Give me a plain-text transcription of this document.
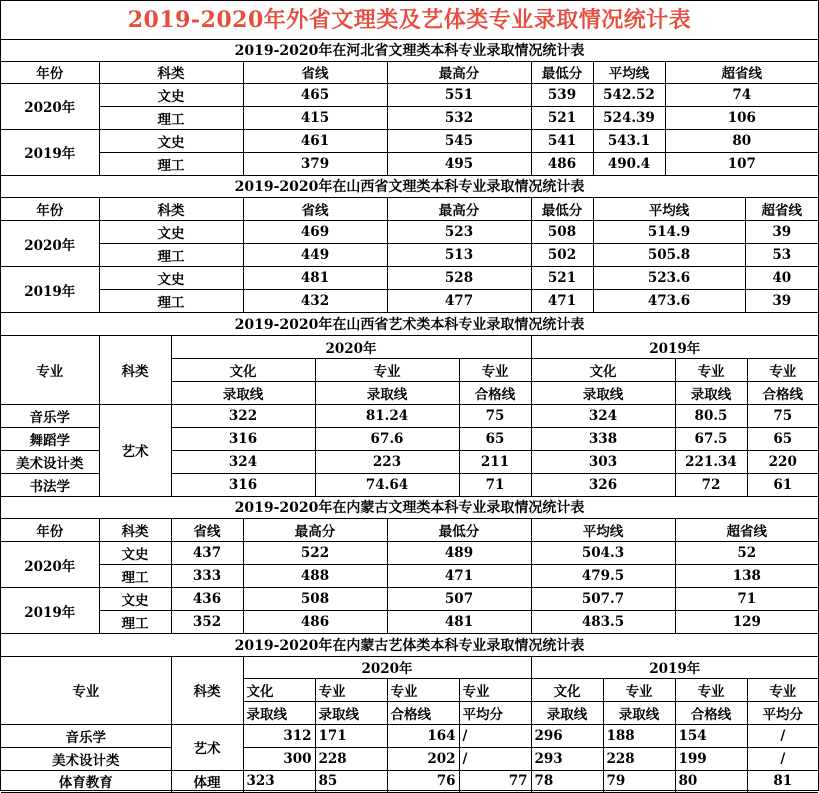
2019-2020年外省文理类及艺体类专业录取情况统计表
2019-2020年在河北省文理类本科专业录取情况统计表						
年份	科类	省线	最高分	最低分	平均线	超省线
2020年	文史	465	551	539	542.52	74
	理工	415	532	521	524.39	106
2019年	文史	461	545	541	543.1	80
	理工	379	495	486	490.4	107
2019-2020年在山西省文理类本科专业录取情况统计表						
年份	科类	省线	最高分	最低分	平均线	超省线
2020年	文史	469	523	508	514.9	39
	理工	449	513	502	505.8	53
2019年	文史	481	528	521	523.6	40
	理工	432	477	471	473.6	39
2019-2020年在山西省艺术类本科专业录取情况统计表							
专业	科类	2020年			2019年		
		文化	专业	专业	文化	专业	专业
		录取线	录取线	合格线	录取线	录取线	合格线
音乐学	艺术	322	81.24	75	324	80.5	75
舞蹈学		316	67.6	65	338	67.5	65
美术设计类		324	223	211	303	221.34	220
书法学		316	74.64	71	326	72	61
2019-2020年在内蒙古文理类本科专业录取情况统计表						
年份	科类	省线	最高分	最低分	平均线	超省线
2020年	文史	437	522	489	504.3	52
	理工	333	488	471	479.5	138
2019年	文史	436	508	507	507.7	71
	理工	352	486	481	483.5	129
2019-2020年在内蒙古艺体类本科专业录取情况统计表									
专业	科类	2020年				2019年			
		文化	专业	专业	专业	文化	专业	专业	专业
		录取线	录取线	合格线	平均分	录取线	录取线	合格线	平均分
音乐学	艺术	312	171	164	/	296	188	154	/
美术设计类		300	228	202	/	293	228	199	/
体育教育	体理	323	85	76	77	78	79	80	81
